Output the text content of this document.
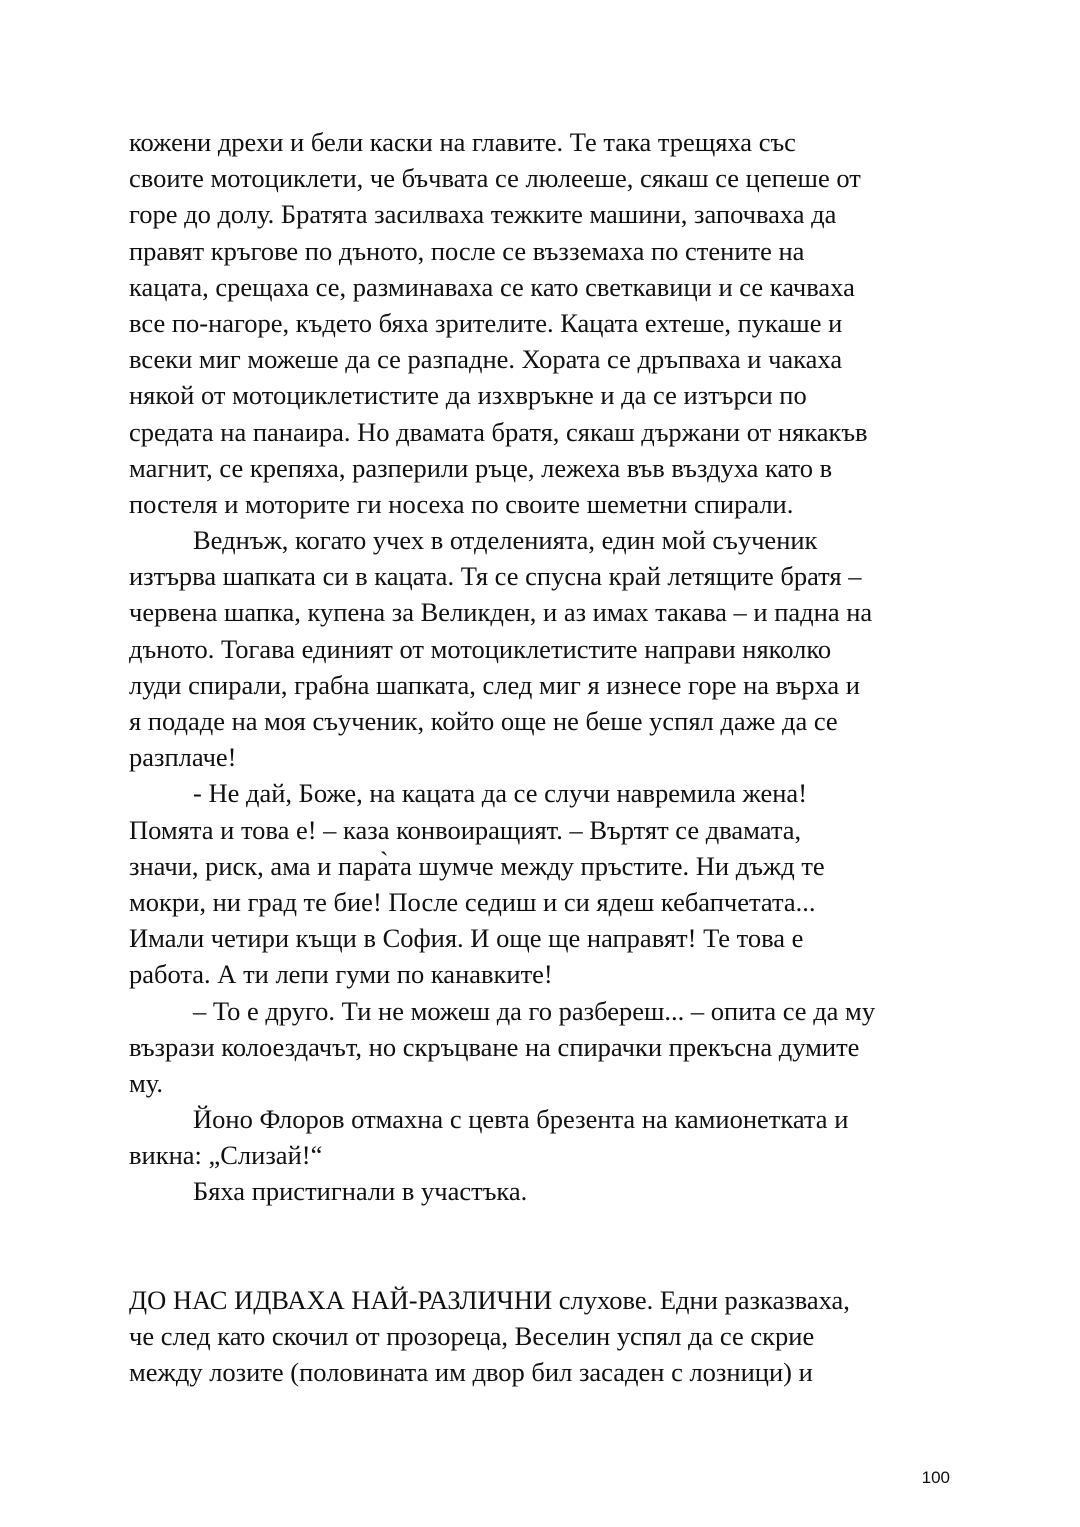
кожени дрехи и бели каски на главите. Те така трещяха със
своите мотоциклети, че бъчвата се люлееше, сякаш се цепеше от
горе до долу. Братята засилваха тежките машини, започваха да
правят кръгове по дъното, после се възземаха по стените на
кацата, срещаха се, разминаваха се като светкавици и се качваха
все по-нагоре, където бяха зрителите. Кацата ехтеше, пукаше и
всеки миг можеше да се разпадне. Хората се дръпваха и чакаха
някой от мотоциклетистите да изхвръкне и да се изтърси по
средата на панаира. Но двамата братя, сякаш държани от някакъв
магнит, се крепяха, разперили ръце, лежеха във въздуха като в
постеля и моторите ги носеха по своите шеметни спирали.
Веднъж, когато учех в отделенията, един мой съученик
изтърва шапката си в кацата. Тя се спусна край летящите братя –
червена шапка, купена за Великден, и аз имах такава – и падна на
дъното. Тогава единият от мотоциклетистите направи няколко
луди спирали, грабна шапката, след миг я изнесе горе на върха и
я подаде на моя съученик, който още не беше успял даже да се
разплаче!
- Не дай, Боже, на кацата да се случи навремила жена!
Помята и това е! – каза конвоиращият. – Въртят се двамата,
значи, риск, ама и пара̀та шумче между пръстите. Ни дъжд те
мокри, ни град те бие! После седиш и си ядеш кебапчетата...
Имали четири къщи в София. И още ще направят! Те това е
работа. А ти лепи гуми по канавките!
– То е друго. Ти не можеш да го разбереш... – опита се да му
възрази колоездачът, но скръцване на спирачки прекъсна думите
му.
Йоно Флоров отмахна с цевта брезента на камионетката и
викна: „Слизай!“
Бяха пристигнали в участъка.
ДО НАС ИДВАХА НАЙ-РАЗЛИЧНИ слухове. Едни разказваха,
че след като скочил от прозореца, Веселин успял да се скрие
между лозите (половината им двор бил засаден с лозници) и
100
